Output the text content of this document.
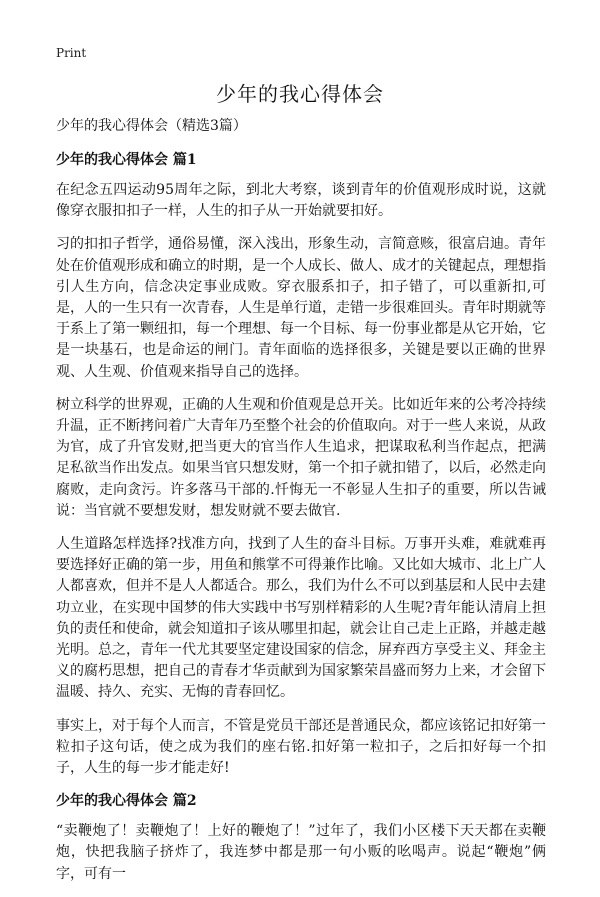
Print
少年的我心得体会

少年的我心得体会（精选3篇）

少年的我心得体会 篇1

在纪念五四运动95周年之际，到北大考察，谈到青年的价值观形成时说，这就像穿衣服扣扣子一样，人生的扣子从一开始就要扣好。

习的扣扣子哲学，通俗易懂，深入浅出，形象生动，言简意赅，很富启迪。青年处在价值观形成和确立的时期，是一个人成长、做人、成才的关键起点，理想指引人生方向，信念决定事业成败。穿衣服系扣子，扣子错了，可以重新扣,可是，人的一生只有一次青春，人生是单行道，走错一步很难回头。青年时期就等于系上了第一颗纽扣，每一个理想、每一个目标、每一份事业都是从它开始，它是一块基石，也是命运的闸门。青年面临的选择很多，关键是要以正确的世界观、人生观、价值观来指导自己的选择。

树立科学的世界观，正确的人生观和价值观是总开关。比如近年来的公考冷持续升温，正不断拷问着广大青年乃至整个社会的价值取向。对于一些人来说，从政为官，成了升官发财,把当更大的官当作人生追求，把谋取私利当作起点，把满足私欲当作出发点。如果当官只想发财，第一个扣子就扣错了，以后，必然走向腐败，走向贪污。许多落马干部的.忏悔无一不彰显人生扣子的重要，所以告诫说：当官就不要想发财，想发财就不要去做官.

人生道路怎样选择?找准方向，找到了人生的奋斗目标。万事开头难，难就难再要选择好正确的第一步，用鱼和熊掌不可得兼作比喻。又比如大城市、北上广人人都喜欢，但并不是人人都适合。那么，我们为什么不可以到基层和人民中去建功立业，在实现中国梦的伟大实践中书写别样精彩的人生呢?青年能认清肩上担负的责任和使命，就会知道扣子该从哪里扣起，就会让自己走上正路，并越走越光明。总之，青年一代尤其要坚定建设国家的信念，屏弃西方享受主义、拜金主义的腐朽思想，把自己的青春才华贡献到为国家繁荣昌盛而努力上来，才会留下温暖、持久、充实、无悔的青春回忆。

事实上，对于每个人而言，不管是党员干部还是普通民众，都应该铭记扣好第一粒扣子这句话，使之成为我们的座右铭.扣好第一粒扣子，之后扣好每一个扣子，人生的每一步才能走好!

少年的我心得体会 篇2

“卖鞭炮了！卖鞭炮了！上好的鞭炮了！”过年了，我们小区楼下天天都在卖鞭炮，快把我脑子挤炸了，我连梦中都是那一句小贩的吆喝声。说起“鞭炮”俩字，可有一
